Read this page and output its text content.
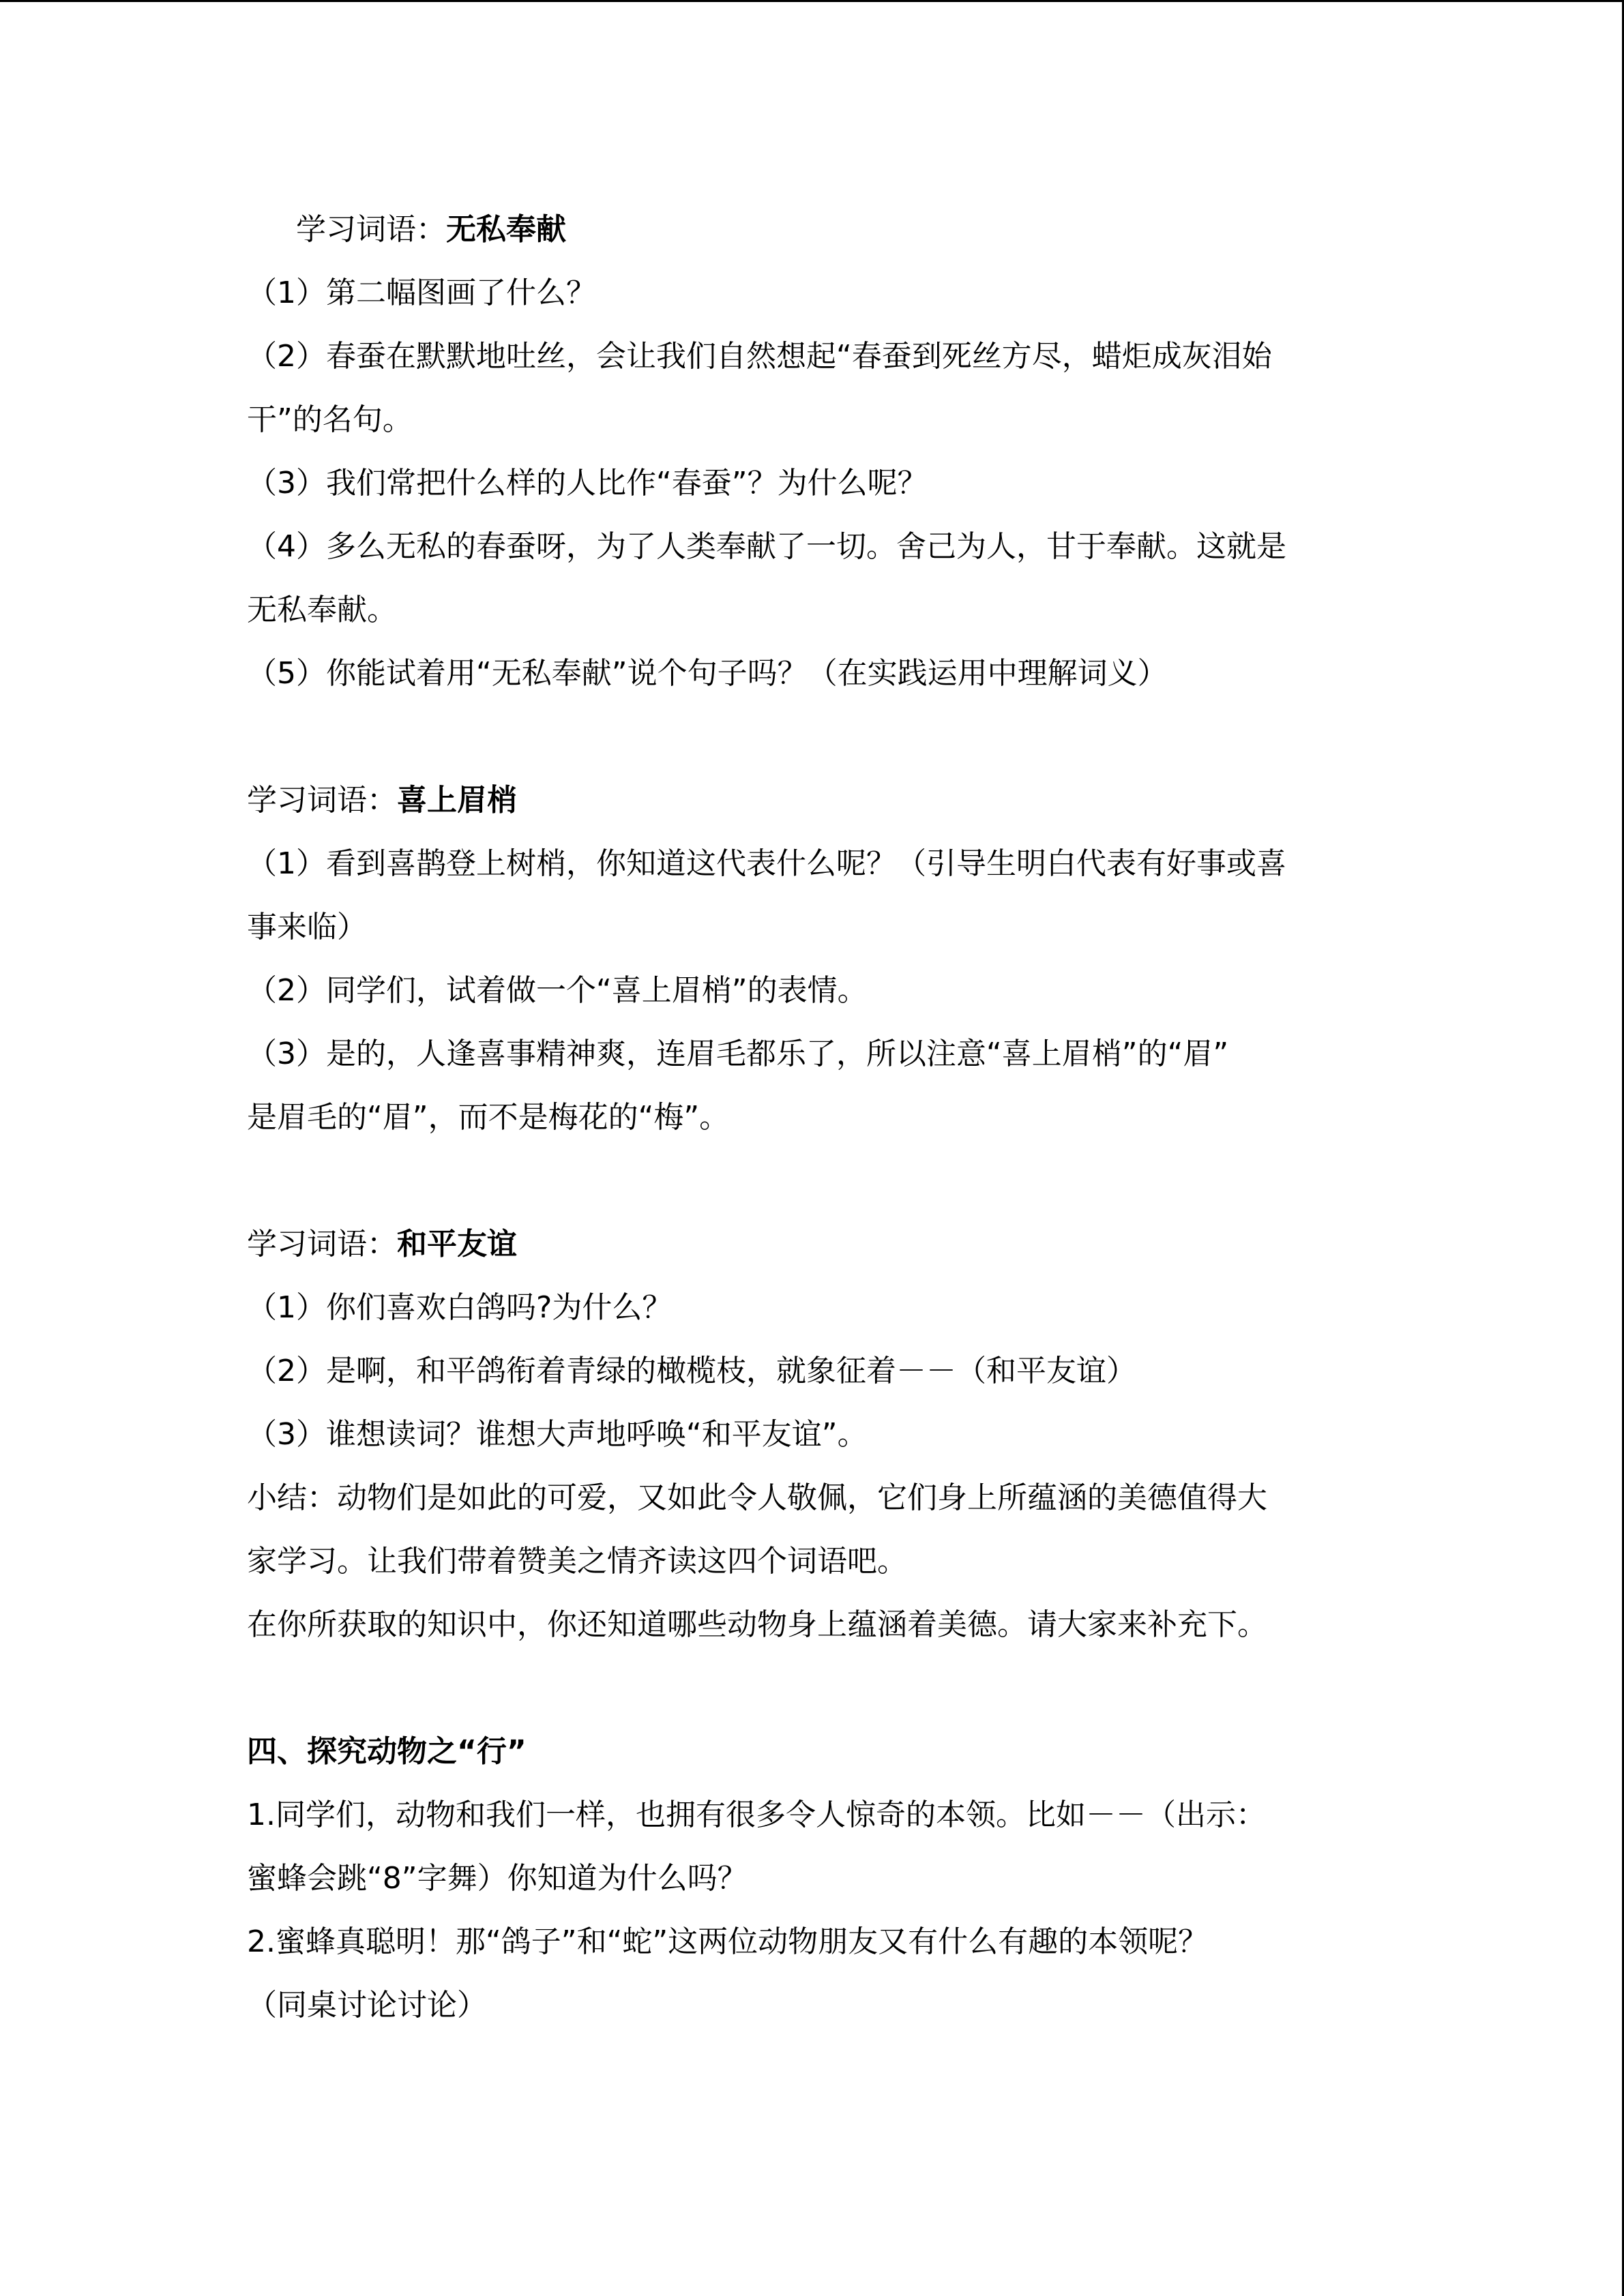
学习词语：无私奉献
（1）第二幅图画了什么？
（2）春蚕在默默地吐丝，会让我们自然想起“春蚕到死丝方尽，蜡炬成灰泪始
干”的名句。
（3）我们常把什么样的人比作“春蚕”？为什么呢？
（4）多么无私的春蚕呀，为了人类奉献了一切。舍己为人，甘于奉献。这就是
无私奉献。
（5）你能试着用“无私奉献”说个句子吗？（在实践运用中理解词义）
学习词语：喜上眉梢
（1）看到喜鹊登上树梢，你知道这代表什么呢？（引导生明白代表有好事或喜
事来临）
（2）同学们，试着做一个“喜上眉梢”的表情。
（3）是的，人逢喜事精神爽，连眉毛都乐了，所以注意“喜上眉梢”的“眉”
是眉毛的“眉”，而不是梅花的“梅”。
学习词语：和平友谊
（1）你们喜欢白鸽吗?为什么？
（2）是啊，和平鸽衔着青绿的橄榄枝，就象征着－－（和平友谊）
（3）谁想读词？谁想大声地呼唤“和平友谊”。
小结：动物们是如此的可爱，又如此令人敬佩，它们身上所蕴涵的美德值得大
家学习。让我们带着赞美之情齐读这四个词语吧。
在你所获取的知识中，你还知道哪些动物身上蕴涵着美德。请大家来补充下。
四、探究动物之“行”
1.同学们，动物和我们一样，也拥有很多令人惊奇的本领。比如－－（出示：
蜜蜂会跳“8”字舞）你知道为什么吗？
2.蜜蜂真聪明！那“鸽子”和“蛇”这两位动物朋友又有什么有趣的本领呢？
（同桌讨论讨论）
